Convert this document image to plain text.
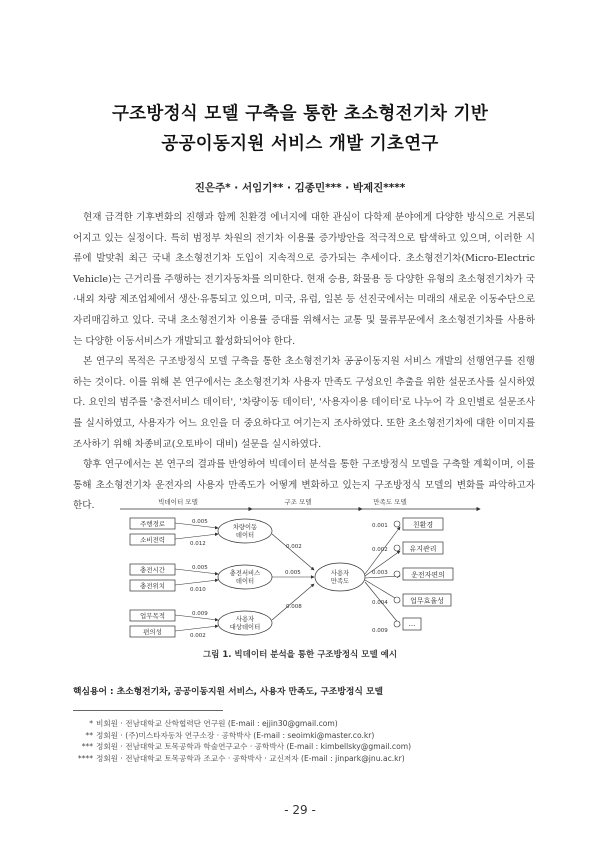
구조방정식 모델 구축을 통한 초소형전기차 기반
공공이동지원 서비스 개발 기초연구
진은주* · 서임기** · 김종민*** · 박제진****

현재 급격한 기후변화의 진행과 함께 친환경 에너지에 대한 관심이 다학제 분야에게 다양한 방식으로 거론되어지고 있는 실정이다. 특히 범정부 차원의 전기차 이용률 증가방안을 적극적으로 탐색하고 있으며, 이러한 시류에 발맞춰 최근 국내 초소형전기차 도입이 지속적으로 증가되는 추세이다. 초소형전기차(Micro-Electric Vehicle)는 근거리를 주행하는 전기자동차를 의미한다. 현재 승용, 화물용 등 다양한 유형의 초소형전기차가 국·내외 차량 제조업체에서 생산·유통되고 있으며, 미국, 유럽, 일본 등 선진국에서는 미래의 새로운 이동수단으로 자리매김하고 있다. 국내 초소형전기차 이용률 증대를 위해서는 교통 및 물류부문에서 초소형전기차를 사용하는 다양한 이동서비스가 개발되고 활성화되어야 한다.

본 연구의 목적은 구조방정식 모델 구축을 통한 초소형전기차 공공이동지원 서비스 개발의 선행연구를 진행하는 것이다. 이를 위해 본 연구에서는 초소형전기차 사용자 만족도 구성요인 추출을 위한 설문조사를 실시하였다. 요인의 범주를 '충전서비스 데이터', '차량이동 데이터', '사용자이용 데이터'로 나누어 각 요인별로 설문조사를 실시하였고, 사용자가 어느 요인을 더 중요하다고 여기는지 조사하였다. 또한 초소형전기차에 대한 이미지를 조사하기 위해 차종비교(오토바이 대비) 설문을 실시하였다.

향후 연구에서는 본 연구의 결과를 반영하여 빅데이터 분석을 통한 구조방정식 모델을 구축할 계획이며, 이를 통해 초소형전기차 운전자의 사용자 만족도가 어떻게 변화하고 있는지 구조방정식 모델의 변화를 파악하고자 한다.	빅데이터 모델	구조 모델	만족도 모델
주행경로
소비전력
충전시간
충전위치
업무목적
편의성
0.005
0.012
0.005
0.010
0.009
0.002
차량이동
데이터
충전서비스
데이터
사용자
대상데이터
0.002
0.005
0.008
사용자
만족도
0.001
0.002
0.003
0.004
0.009
친환경
유지관리
운전자편의
업무효율성
...
그림 1. 빅데이터 분석을 통한 구조방정식 모델 예시
핵심용어 : 초소형전기차, 공공이동지원 서비스, 사용자 만족도, 구조방정식 모델
* 비회원 · 전남대학교 산학협력단 연구원 (E-mail : ejjin30@gmail.com)
** 정회원 · (주)미스타자동차 연구소장 · 공학박사 (E-mail : seoimki@master.co.kr)
*** 정회원 · 전남대학교 토목공학과 학술연구교수 · 공학박사 (E-mail : kimbellsky@gmail.com)
**** 정회원 · 전남대학교 토목공학과 조교수 · 공학박사 · 교신저자 (E-mail : jinpark@jnu.ac.kr)
- 29 -
